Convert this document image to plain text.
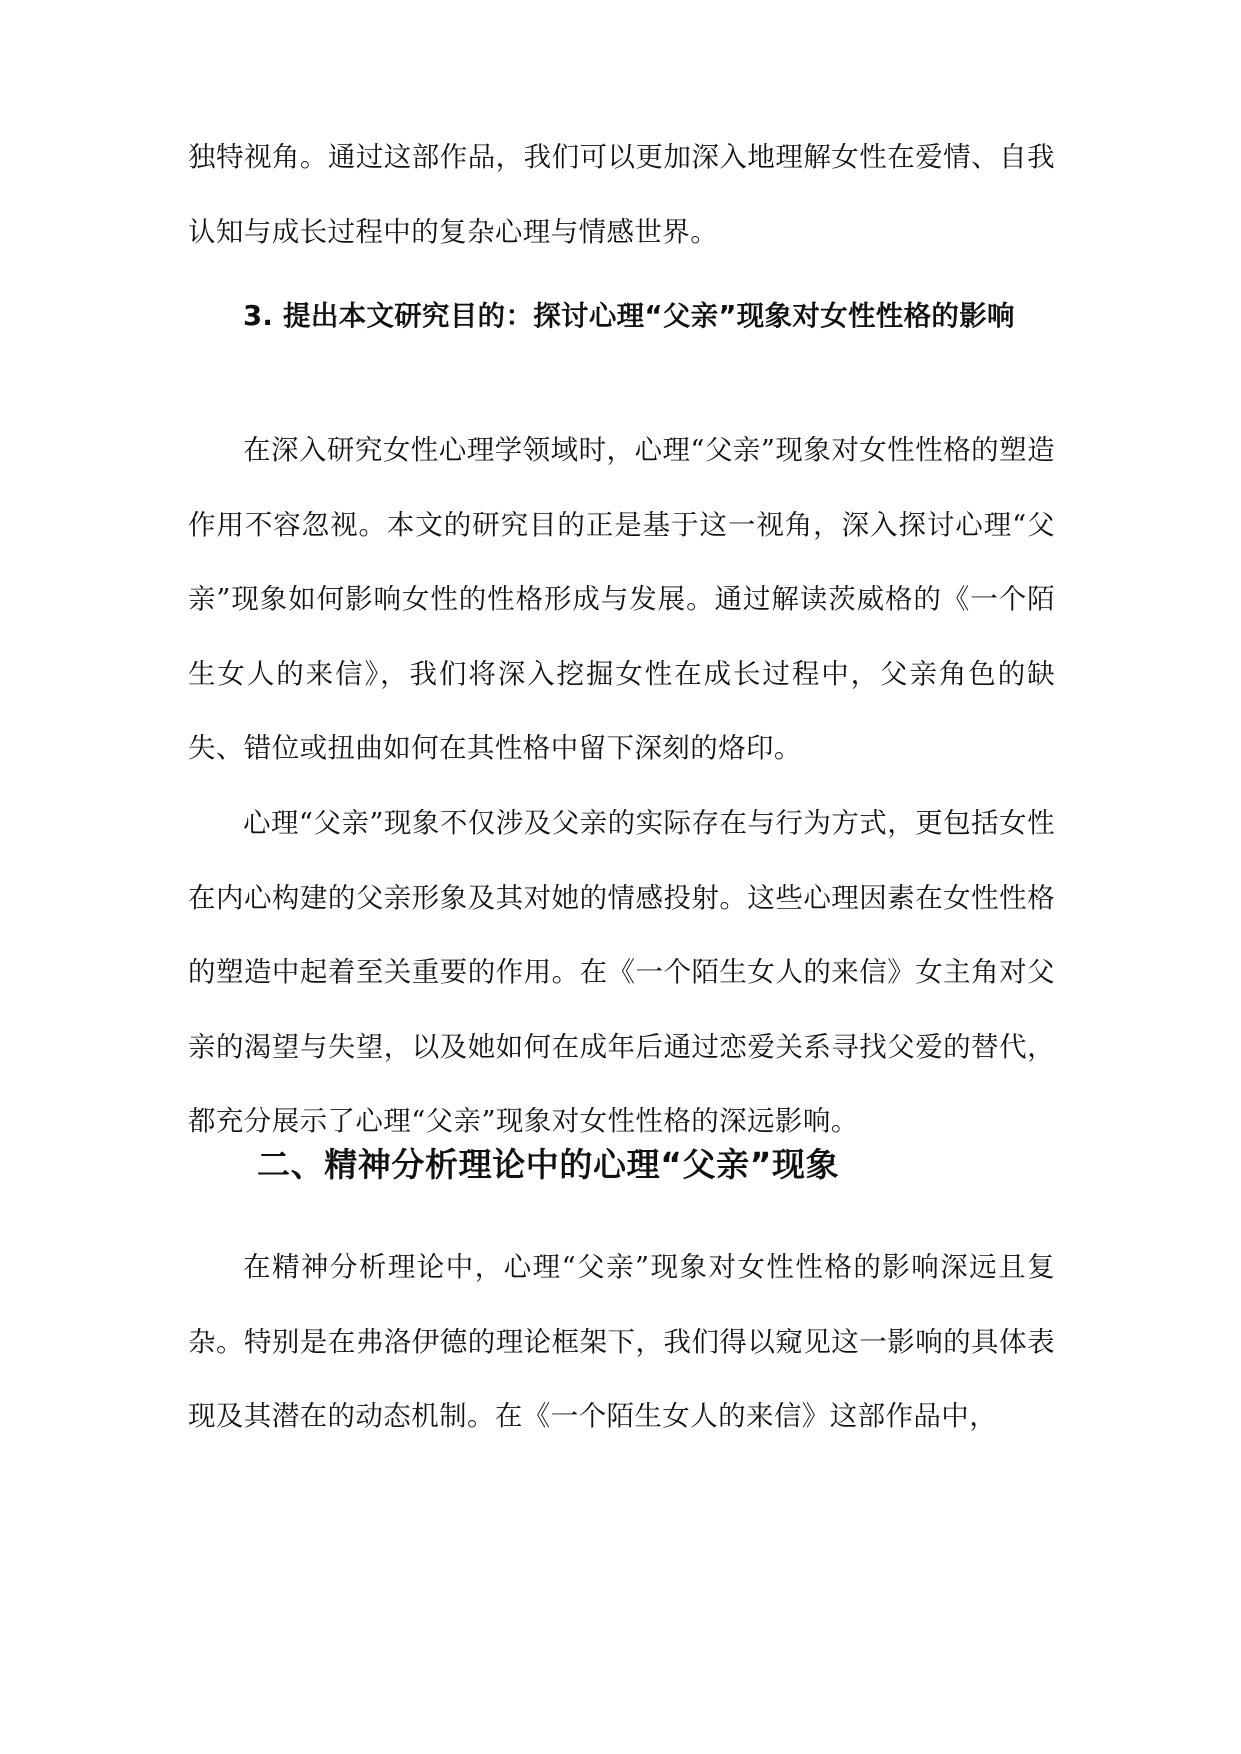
独特视角。通过这部作品，我们可以更加深入地理解女性在爱情、自我认知与成长过程中的复杂心理与情感世界。

3. 提出本文研究目的：探讨心理“父亲”现象对女性性格的影响

在深入研究女性心理学领域时，心理“父亲”现象对女性性格的塑造作用不容忽视。本文的研究目的正是基于这一视角，深入探讨心理“父亲”现象如何影响女性的性格形成与发展。通过解读茨威格的《一个陌生女人的来信》，我们将深入挖掘女性在成长过程中，父亲角色的缺失、错位或扭曲如何在其性格中留下深刻的烙印。

心理“父亲”现象不仅涉及父亲的实际存在与行为方式，更包括女性在内心构建的父亲形象及其对她的情感投射。这些心理因素在女性性格的塑造中起着至关重要的作用。在《一个陌生女人的来信》女主角对父亲的渴望与失望，以及她如何在成年后通过恋爱关系寻找父爱的替代，都充分展示了心理“父亲”现象对女性性格的深远影响。

二、精神分析理论中的心理“父亲”现象

在精神分析理论中，心理“父亲”现象对女性性格的影响深远且复杂。特别是在弗洛伊德的理论框架下，我们得以窥见这一影响的具体表现及其潜在的动态机制。在《一个陌生女人的来信》这部作品中，
